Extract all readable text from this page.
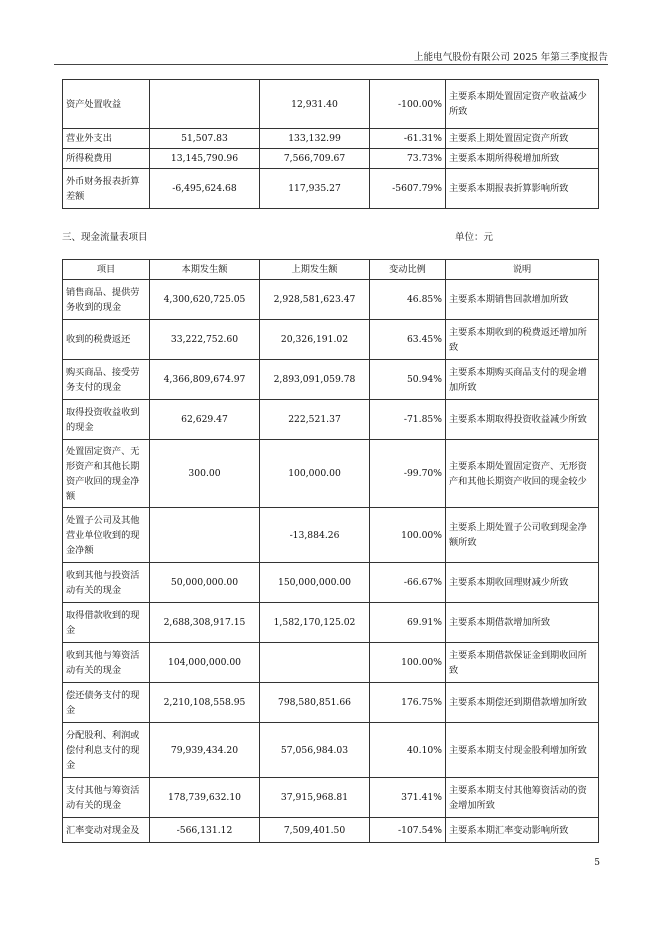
上能电气股份有限公司 2025 年第三季度报告
资产处置收益		12,931.40	-100.00%	主要系本期处置固定资产收益减少所致
营业外支出	51,507.83	133,132.99	-61.31%	主要系上期处置固定资产所致
所得税费用	13,145,790.96	7,566,709.67	73.73%	主要系本期所得税增加所致
外币财务报表折算差额	-6,495,624.68	117,935.27	-5607.79%	主要系本期报表折算影响所致
三、现金流量表项目	单位：元
项目	本期发生额	上期发生额	变动比例	说明
销售商品、提供劳务收到的现金	4,300,620,725.05	2,928,581,623.47	46.85%	主要系本期销售回款增加所致
收到的税费返还	33,222,752.60	20,326,191.02	63.45%	主要系本期收到的税费返还增加所致
购买商品、接受劳务支付的现金	4,366,809,674.97	2,893,091,059.78	50.94%	主要系本期购买商品支付的现金增加所致
取得投资收益收到的现金	62,629.47	222,521.37	-71.85%	主要系本期取得投资收益减少所致
处置固定资产、无形资产和其他长期资产收回的现金净额	300.00	100,000.00	-99.70%	主要系本期处置固定资产、无形资产和其他长期资产收回的现金较少
处置子公司及其他营业单位收到的现金净额		-13,884.26	100.00%	主要系上期处置子公司收到现金净额所致
收到其他与投资活动有关的现金	50,000,000.00	150,000,000.00	-66.67%	主要系本期收回理财减少所致
取得借款收到的现金	2,688,308,917.15	1,582,170,125.02	69.91%	主要系本期借款增加所致
收到其他与筹资活动有关的现金	104,000,000.00		100.00%	主要系本期借款保证金到期收回所致
偿还债务支付的现金	2,210,108,558.95	798,580,851.66	176.75%	主要系本期偿还到期借款增加所致
分配股利、利润或偿付利息支付的现金	79,939,434.20	57,056,984.03	40.10%	主要系本期支付现金股利增加所致
支付其他与筹资活动有关的现金	178,739,632.10	37,915,968.81	371.41%	主要系本期支付其他筹资活动的资金增加所致
汇率变动对现金及	-566,131.12	7,509,401.50	-107.54%	主要系本期汇率变动影响所致
5
